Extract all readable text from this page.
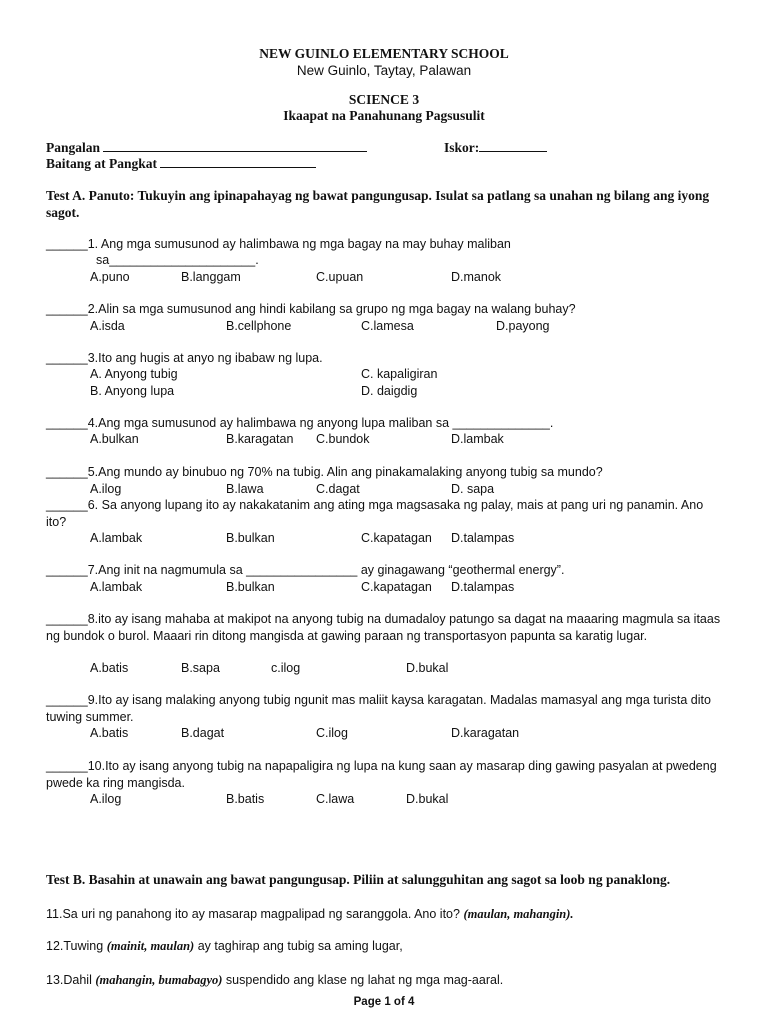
NEW GUINLO ELEMENTARY SCHOOL
New Guinlo, Taytay, Palawan
SCIENCE 3
Ikaapat na Panahunang Pagsusulit
Pangalan	Iskor:
Baitang at Pangkat
Test A. Panuto: Tukuyin ang ipinapahayag ng bawat pangungusap. Isulat sa patlang sa unahan ng bilang ang iyong sagot.
______1. Ang mga sumusunod ay halimbawa ng mga bagay na may buhay maliban
sa_____________________.
A.puno	B.langgam	C.upuan	D.manok
______2.Alin sa mga sumusunod ang hindi kabilang sa grupo ng mga bagay na walang buhay?
A.isda	B.cellphone	C.lamesa	D.payong
______3.Ito ang hugis at anyo ng ibabaw ng lupa.
A. Anyong tubig	C. kapaligiran
B. Anyong lupa	D. daigdig
______4.Ang mga sumusunod ay halimbawa ng anyong lupa maliban sa ______________.
A.bulkan	B.karagatan C.bundok	D.lambak
______5.Ang mundo ay binubuo ng 70% na tubig. Alin ang pinakamalaking anyong tubig sa mundo?
A.ilog	B.lawa	C.dagat	D. sapa
______6. Sa anyong lupang ito ay nakakatanim ang ating mga magsasaka ng palay, mais at pang uri ng panamin. Ano ito?
A.lambak	B.bulkan	C.kapatagan D.talampas
______7.Ang init na nagmumula sa ________________ ay ginagawang “geothermal energy”.
A.lambak	B.bulkan	C.kapatagan D.talampas
______8.ito ay isang mahaba at makipot na anyong tubig na dumadaloy patungo sa dagat na maaaring magmula sa itaas ng bundok o burol. Maaari rin ditong mangisda at gawing paraan ng transportasyon papunta sa karatig lugar.
A.batis	B.sapa	c.ilog	D.bukal
______9.Ito ay isang malaking anyong tubig ngunit mas maliit kaysa karagatan. Madalas mamasyal ang mga turista dito tuwing summer.
A.batis	B.dagat	C.ilog	D.karagatan
______10.Ito ay isang anyong tubig na napapaligira ng lupa na kung saan ay masarap ding gawing pasyalan at pwedeng pwede ka ring mangisda.
A.ilog	B.batis	C.lawa	D.bukal
Test B. Basahin at unawain ang bawat pangungusap. Piliin at salungguhitan ang sagot sa loob ng panaklong.
11.Sa uri ng panahong ito ay masarap magpalipad ng saranggola. Ano ito? (maulan, mahangin).
12.Tuwing (mainit, maulan) ay taghirap ang tubig sa aming lugar,
13.Dahil (mahangin, bumabagyo) suspendido ang klase ng lahat ng mga mag-aaral.
Page 1 of 4
